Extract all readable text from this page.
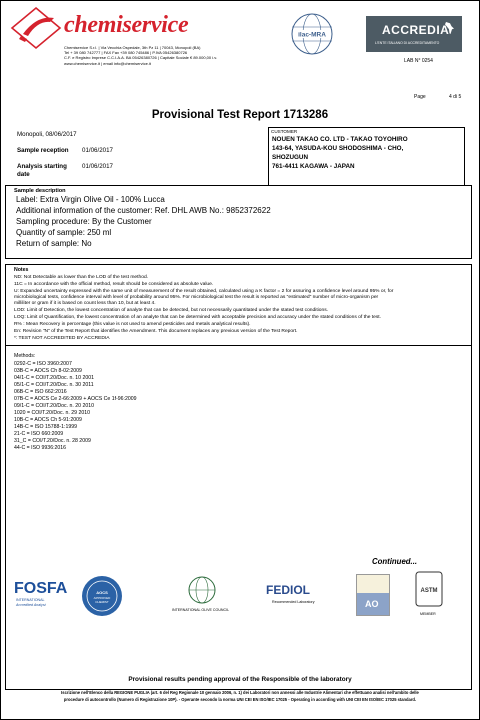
chemiservice
Chemiservice S.r.l. | Via Vecchia Ospedale, 3th Pz 11 | 70043, Monopoli (BA)
Tel + 39 080 742777 | FAX Fax +39 080 745486 | P.IVA 05426380726
C.F. e Registro Imprese C.C.I.A.A. BA 05426380726 | Capitale Sociale € 89.000,00 i.v.
www.chemiservice.it | email info@chemiservice.it
ilac-MRA	ACCREDIA
L'ENTE ITALIANO DI ACCREDITAMENTO
LAB N° 0254
Page	4 di 5
Provisional Test Report 1713286
Monopoli, 08/06/2017
Sample reception 01/06/2017
Analysis starting date
01/06/2017
CUSTOMER
NOUEN TAKAO CO. LTD - TAKAO TOYOHIRO
143-64, YASUDA-KOU SHODOSHIMA - CHO,
SHOZUGUN
761-4411 KAGAWA - JAPAN
Sample description
Label: Extra Virgin Olive Oil - 100% Lucca
Additional information of the customer: Ref. DHL AWB No.: 9852372622
Sampling procedure: By the Customer
Quantity of sample: 250 ml
Return of sample: No
Notes
ND: Not Detectable as lower than the LOD of the test method.
11C = In accordance with the official method, result should be considered as absolute value.
U: Expanded uncertainty expressed with the same unit of measurement of the result obtained, calculated using a K factor = 2 for assuring a confidence level around 95% or, for
microbiological tests, confidence interval with level of probability around 95%. For microbiological test the result is reported as "estimated" number of micro-organism per
milliliter or gram if it is based on count less than 10, but at least 4.
LOD: Limit of Detection, the lowest concentration of analyte that can be detected, but not necessarily quantitated under the stated test conditions.
LOQ: Limit of Quantification, the lowest concentration of an analyte that can be determined with acceptable precision and accuracy under the stated conditions of the test.
R% : Mean Recovery in percentage (this value is not used to amend pesticides and metals analytical results).
En: Revision "N" of the Test Report that identifies the Amendment. This document replaces any previous version of the Test Report.
*: TEST NOT ACCREDITED BY ACCREDIA
Methods:
0292-C = ISO 3960:2007
03B-C = AOCS Ch 8-02:2009
04/1-C = COI/T.20/Doc. n. 10 2001
05/1-C = COI/T.20/Doc. n. 30 2011
06B-C = ISO 662:2016
07B-C = AOCS Ce 2-66:2009 + AOCS Ce 1f-96:2009
09/1-C = COI/T.20/Doc. n. 20 2010
1020 = COI/T.20/Doc. n. 29 2010
10B-C = AOCS Ch 5-91:2009
14B-C = ISO 15788-1:1999
21-C = ISO 660:2009
31_C = COI/T.20/Doc. n. 28 2009
44-C = ISO 9936:2016
Continued...
FOSFA
INTERNATIONAL
Accredited Analyst
AOCS
APPROVED
CHEMIST
INTERNATIONAL OLIVE COUNCIL
FEDIOL
Recommended Laboratory	AO
ASTM
MEMBER
Provisional results pending approval of the Responsible of the laboratory
Iscrizione nell'Elenco della REGIONE PUGLIA (art. 6 del Reg Regionale 10 gennaio 2006, n. 1) dei Laboratori non annessi alle Industrie Alimentari che effettuano analisi nell'ambito delle
procedure di autocontrollo (Numero di Registrazione 10P). - Operante secondo la norma UNI CEI EN ISO/IEC 17025 - Operating in according with UNI CEI EN ISO/IEC 17025 standard.
